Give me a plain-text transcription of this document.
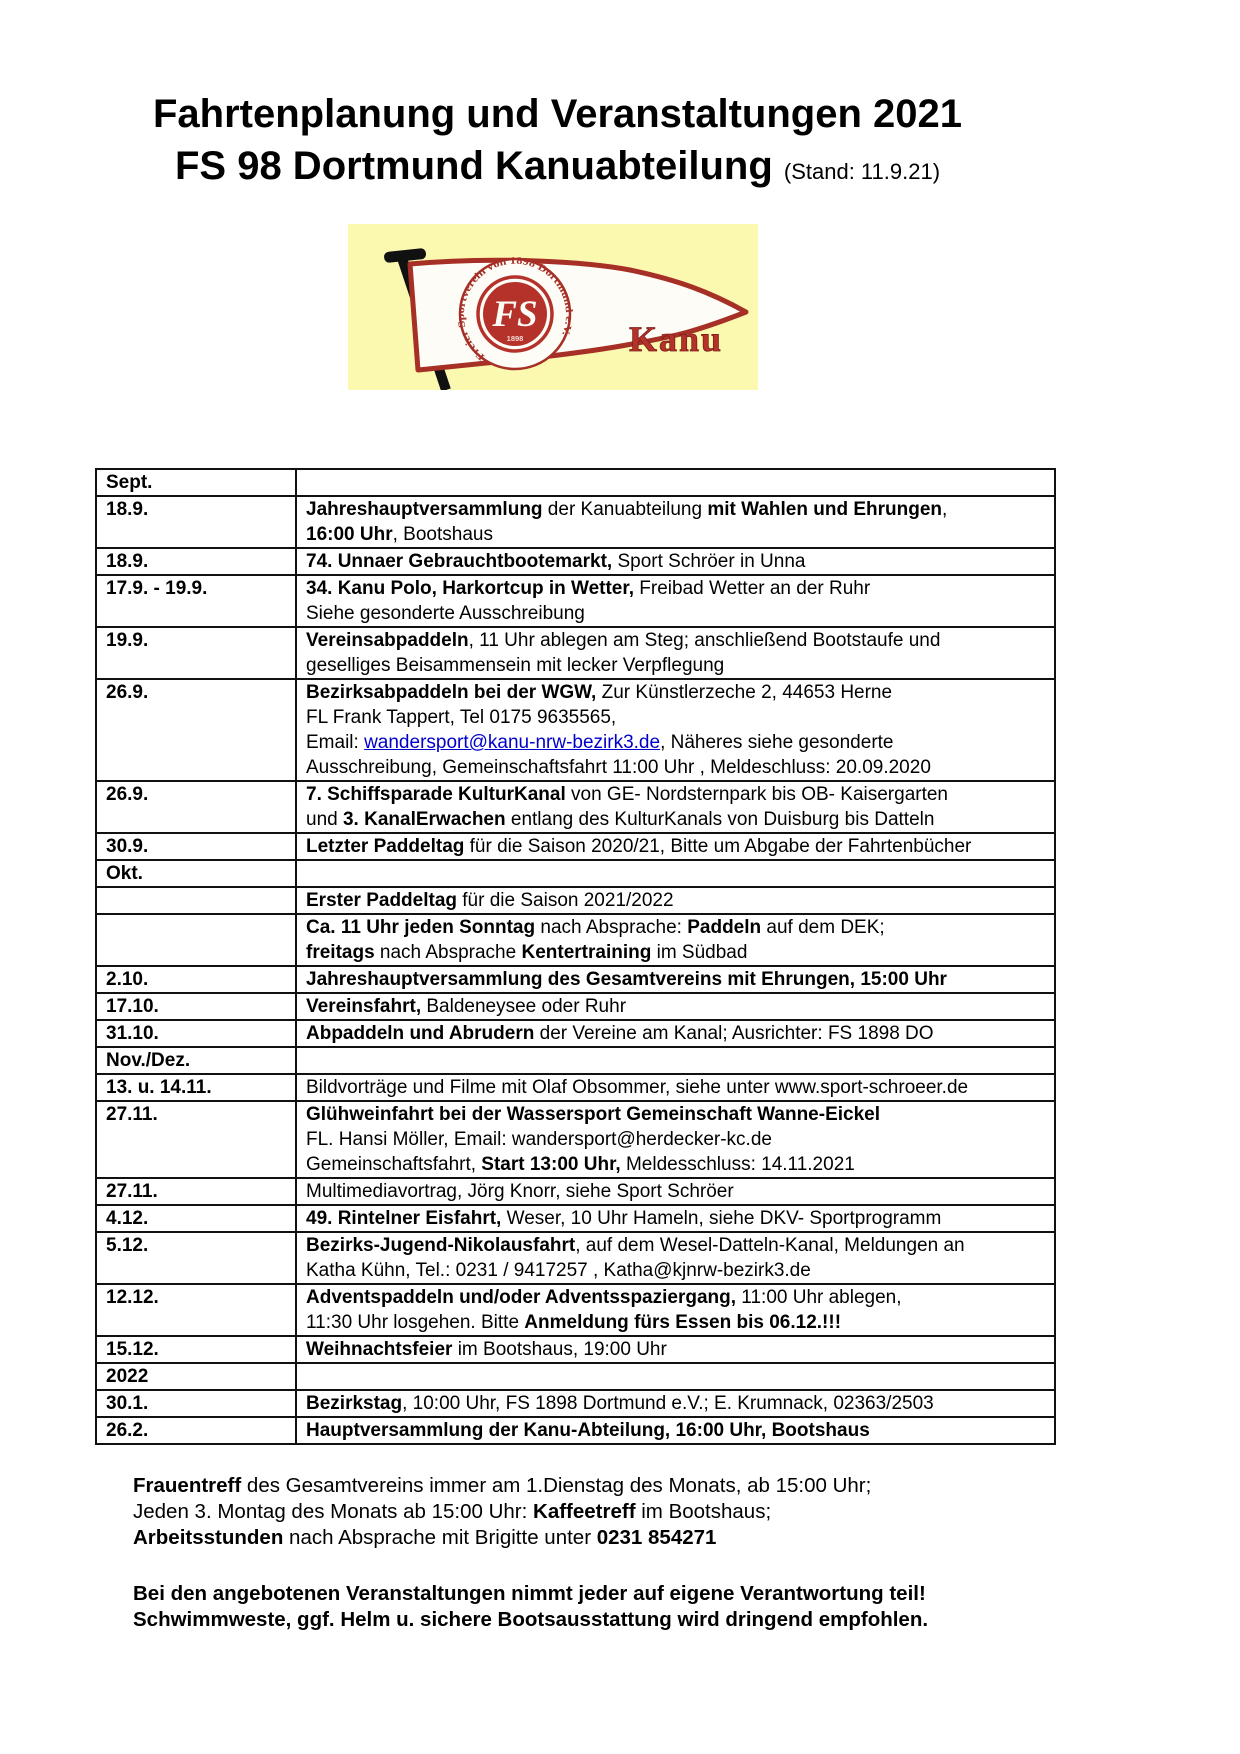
Fahrtenplanung und Veranstaltungen 2021
FS 98 Dortmund Kanuabteilung (Stand: 11.9.21)
Freier Sportverein von 1898 Dortmund e.V.
FS
1898	Kanu
Sept.	
18.9.	Jahreshauptversammlung der Kanuabteilung mit Wahlen und Ehrungen,
16:00 Uhr, Bootshaus
18.9.	74. Unnaer Gebrauchtbootemarkt, Sport Schröer in Unna
17.9. - 19.9.	34. Kanu Polo, Harkortcup in Wetter, Freibad Wetter an der Ruhr
Siehe gesonderte Ausschreibung
19.9.	Vereinsabpaddeln, 11 Uhr ablegen am Steg; anschließend Bootstaufe und
geselliges Beisammensein mit lecker Verpflegung
26.9.	Bezirksabpaddeln bei der WGW, Zur Künstlerzeche 2, 44653 Herne
FL Frank Tappert, Tel 0175 9635565,
Email: wandersport@kanu-nrw-bezirk3.de, Näheres siehe gesonderte
Ausschreibung, Gemeinschaftsfahrt 11:00 Uhr , Meldeschluss: 20.09.2020
26.9.	7. Schiffsparade KulturKanal von GE- Nordsternpark bis OB- Kaisergarten
und 3. KanalErwachen entlang des KulturKanals von Duisburg bis Datteln
30.9.	Letzter Paddeltag für die Saison 2020/21, Bitte um Abgabe der Fahrtenbücher
Okt.	
	Erster Paddeltag für die Saison 2021/2022
	Ca. 11 Uhr jeden Sonntag nach Absprache: Paddeln auf dem DEK;
freitags nach Absprache Kentertraining im Südbad
2.10.	Jahreshauptversammlung des Gesamtvereins mit Ehrungen, 15:00 Uhr
17.10.	Vereinsfahrt, Baldeneysee oder Ruhr
31.10.	Abpaddeln und Abrudern der Vereine am Kanal; Ausrichter: FS 1898 DO
Nov./Dez.	
13. u. 14.11.	Bildvorträge und Filme mit Olaf Obsommer, siehe unter www.sport-schroeer.de
27.11.	Glühweinfahrt bei der Wassersport Gemeinschaft Wanne-Eickel
FL. Hansi Möller, Email: wandersport@herdecker-kc.de
Gemeinschaftsfahrt, Start 13:00 Uhr, Meldesschluss: 14.11.2021
27.11.	Multimediavortrag, Jörg Knorr, siehe Sport Schröer
4.12.	49. Rintelner Eisfahrt, Weser, 10 Uhr Hameln, siehe DKV- Sportprogramm
5.12.	Bezirks-Jugend-Nikolausfahrt, auf dem Wesel-Datteln-Kanal, Meldungen an
Katha Kühn, Tel.: 0231 / 9417257 , Katha@kjnrw-bezirk3.de
12.12.	Adventspaddeln und/oder Adventsspaziergang, 11:00 Uhr ablegen,
11:30 Uhr losgehen. Bitte Anmeldung fürs Essen bis 06.12.!!!
15.12.	Weihnachtsfeier im Bootshaus, 19:00 Uhr
2022	
30.1.	Bezirkstag, 10:00 Uhr, FS 1898 Dortmund e.V.; E. Krumnack, 02363/2503
26.2.	Hauptversammlung der Kanu-Abteilung, 16:00 Uhr, Bootshaus
Frauentreff des Gesamtvereins immer am 1.Dienstag des Monats, ab 15:00 Uhr;
Jeden 3. Montag des Monats ab 15:00 Uhr: Kaffeetreff im Bootshaus;
Arbeitsstunden nach Absprache mit Brigitte unter 0231 854271
Bei den angebotenen Veranstaltungen nimmt jeder auf eigene Verantwortung teil!
Schwimmweste, ggf. Helm u. sichere Bootsausstattung wird dringend empfohlen.
